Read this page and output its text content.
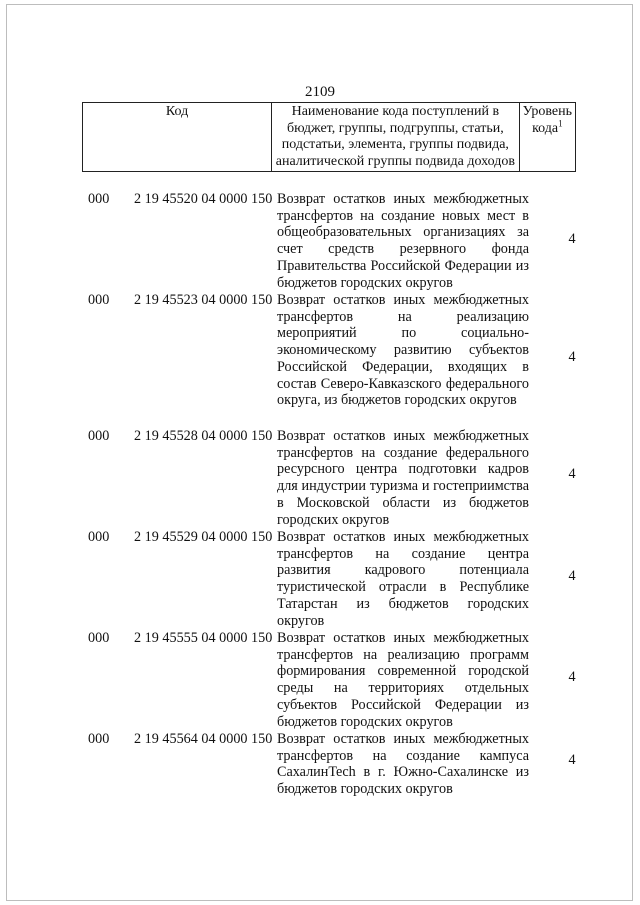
2109
Код	Наименование кода поступлений в бюджет, группы, подгруппы, статьи, подстатьи, элемента, группы подвида, аналитической группы подвида доходов	Уровень кода$^1$
000	2 19 45520 04 0000 150 Возврат остатков иных межбюджетных трансфертов на создание новых мест в общеобразовательных организациях за счет средств резервного фонда Правительства Российской Федерации из бюджетов городских округов
4
000	2 19 45523 04 0000 150 Возврат остатков иных межбюджетных трансфертов на реализацию мероприятий по социально-экономическому развитию субъектов Российской Федерации, входящих в состав Северо-Кавказского федерального округа, из бюджетов городских округов
4
000	2 19 45528 04 0000 150 Возврат остатков иных межбюджетных трансфертов на создание федерального ресурсного центра подготовки кадров для индустрии туризма и гостеприимства в Московской области из бюджетов городских округов
4
000	2 19 45529 04 0000 150 Возврат остатков иных межбюджетных трансфертов на создание центра развития кадрового потенциала туристической отрасли в Республике Татарстан из бюджетов городских округов
4
000	2 19 45555 04 0000 150 Возврат остатков иных межбюджетных трансфертов на реализацию программ формирования современной городской среды на территориях отдельных субъектов Российской Федерации из бюджетов городских округов
4
000	2 19 45564 04 0000 150 Возврат остатков иных межбюджетных трансфертов на создание кампуса СахалинTech в г. Южно-Сахалинске из бюджетов городских округов
4
